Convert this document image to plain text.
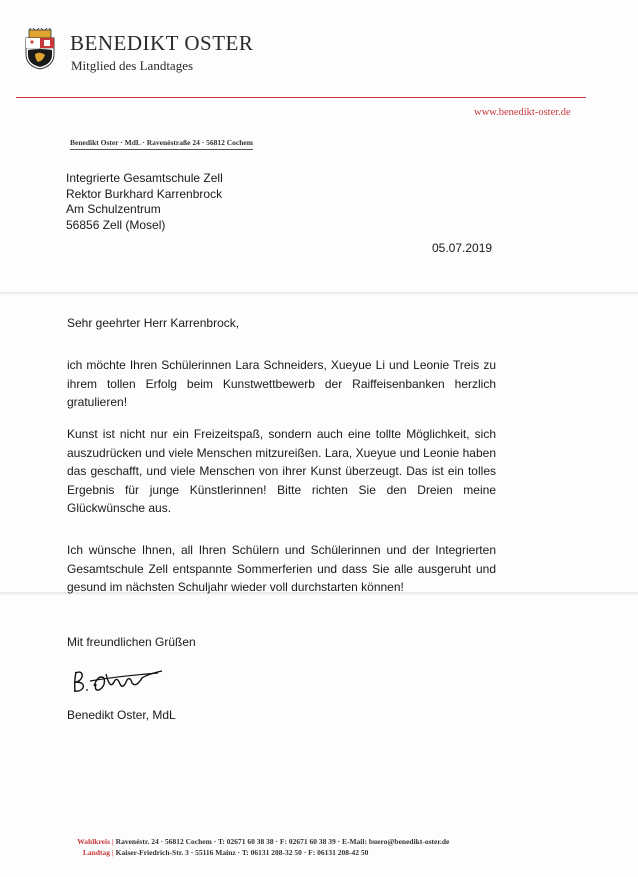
BENEDIKT OSTER
Mitglied des Landtages
www.benedikt-oster.de
Benedikt Oster · MdL · Ravenéstraße 24 · 56812 Cochem
Integrierte Gesamtschule Zell
Rektor Burkhard Karrenbrock
Am Schulzentrum
56856 Zell (Mosel)
05.07.2019
Sehr geehrter Herr Karrenbrock,
ich möchte Ihren Schülerinnen Lara Schneiders, Xueyue Li und Leonie Treis zu ihrem tollen Erfolg beim Kunstwettbewerb der Raiffeisenbanken herzlich gratulieren!
Kunst ist nicht nur ein Freizeitspaß, sondern auch eine tollte Möglichkeit, sich auszudrücken und viele Menschen mitzureißen. Lara, Xueyue und Leonie haben das geschafft, und viele Menschen von ihrer Kunst überzeugt. Das ist ein tolles Ergebnis für junge Künstlerinnen! Bitte richten Sie den Dreien meine Glückwünsche aus.
Ich wünsche Ihnen, all Ihren Schülern und Schülerinnen und der Integrierten Gesamtschule Zell entspannte Sommerferien und dass Sie alle ausgeruht und gesund im nächsten Schuljahr wieder voll durchstarten können!
Mit freundlichen Grüßen
Benedikt Oster, MdL
Wahlkreis | Ravenéstr. 24 · 56812 Cochem · T: 02671 60 38 38 · F: 02671 60 38 39 · E-Mail: buero@benedikt-oster.de
Landtag | Kaiser-Friedrich-Str. 3 · 55116 Mainz · T: 06131 208-32 50 · F: 06131 208-42 50
